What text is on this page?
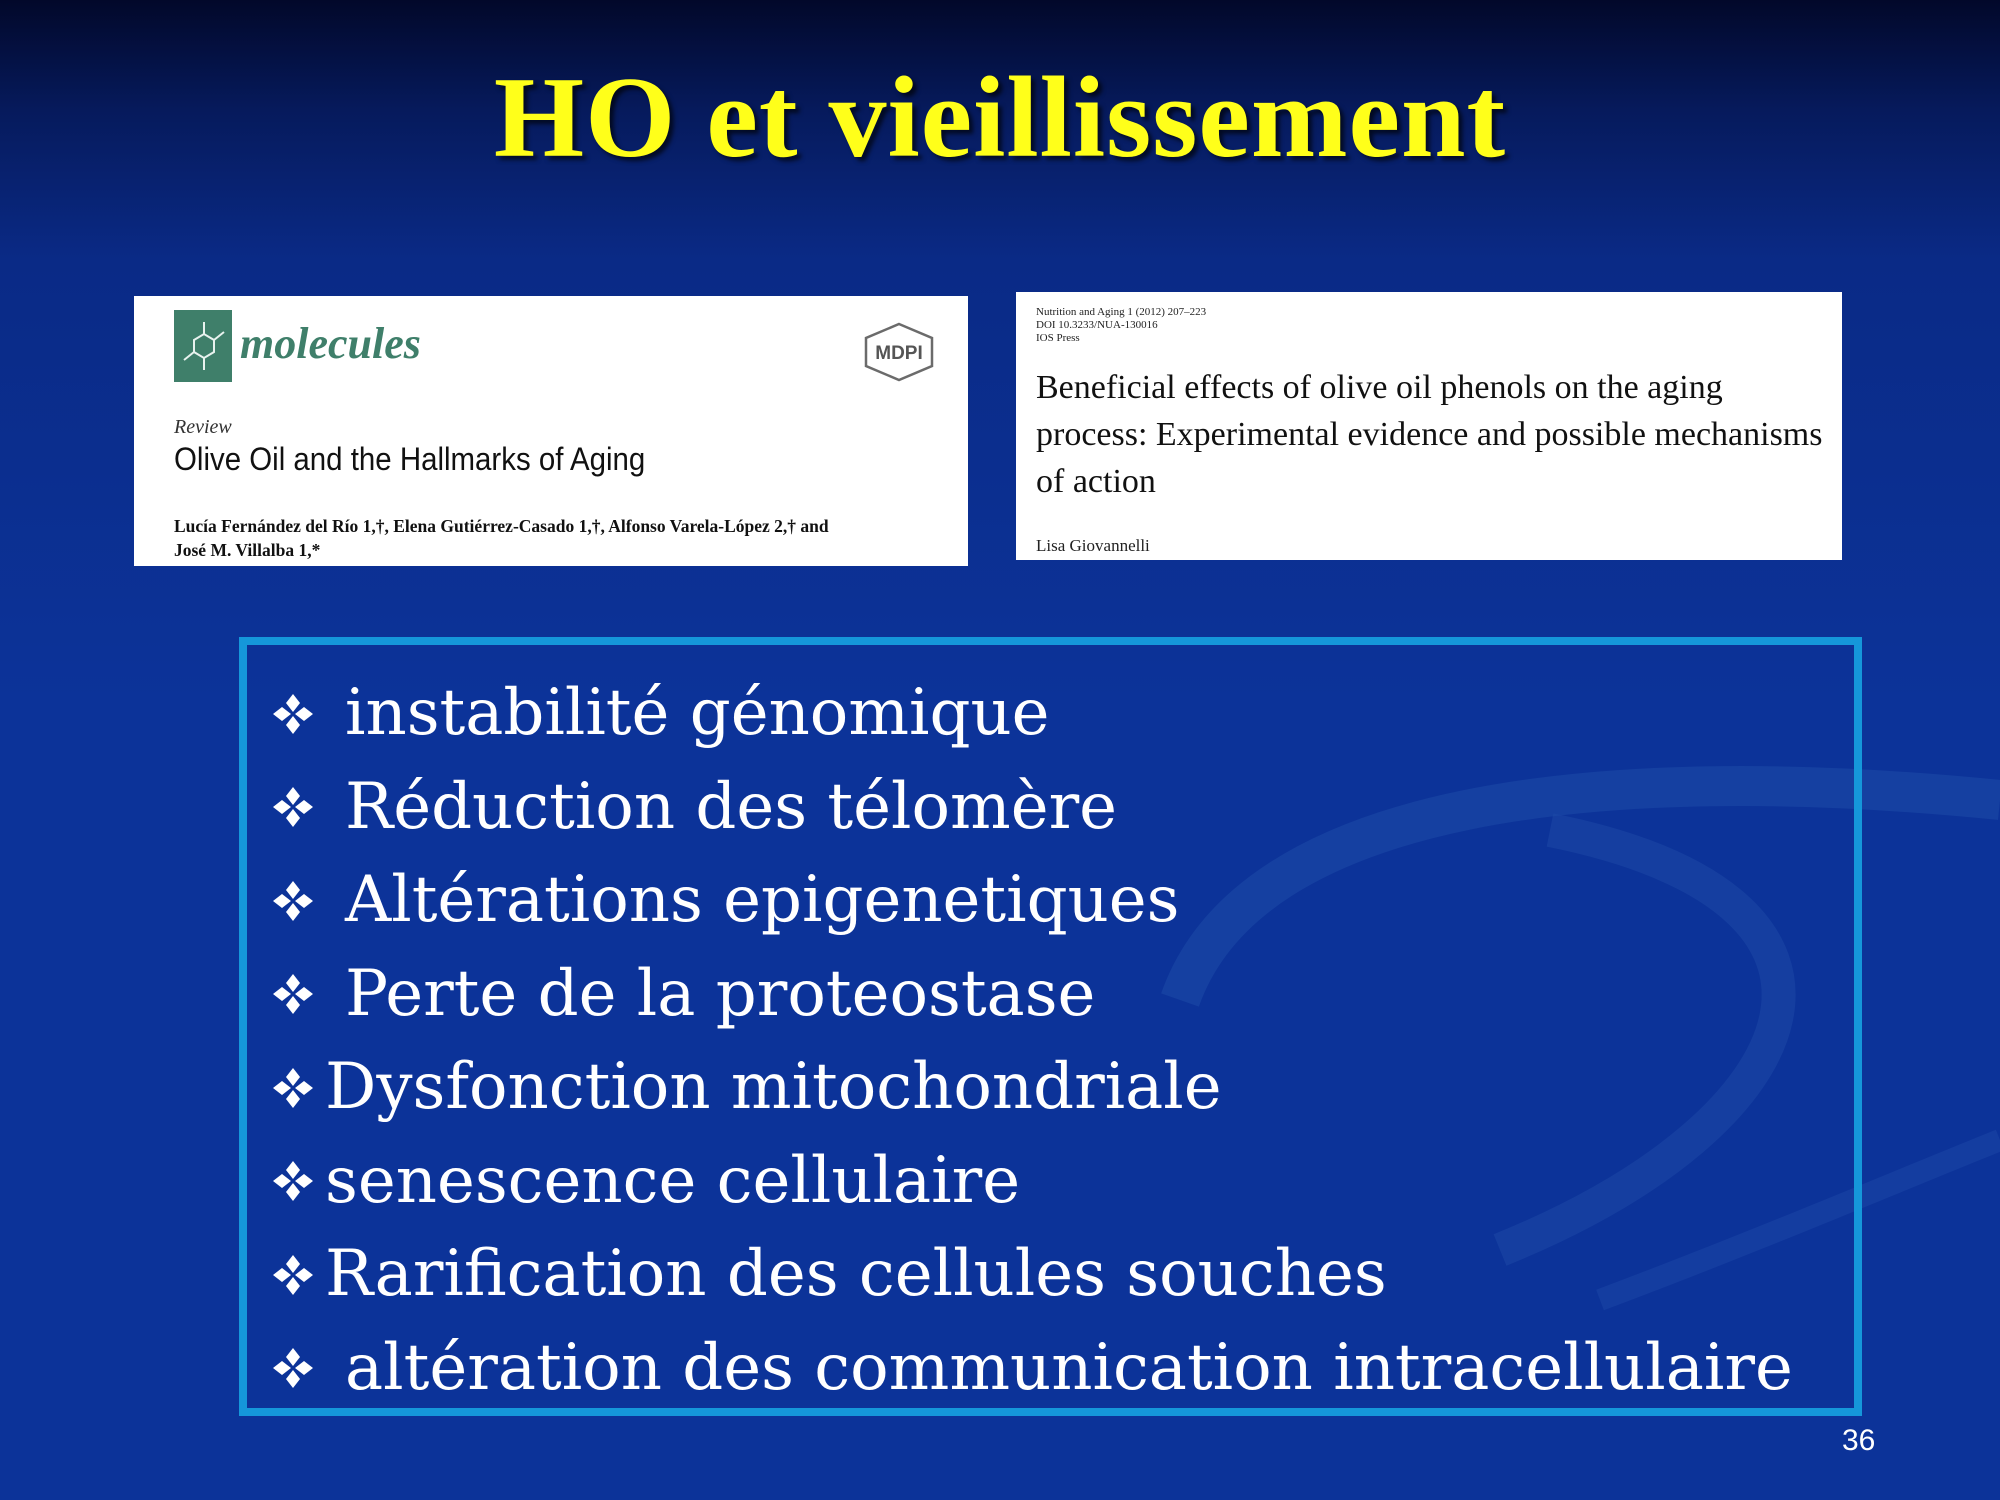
HO et vieillissement
molecules	MDPI
Review
Olive Oil and the Hallmarks of Aging
Lucía Fernández del Río 1,†, Elena Gutiérrez-Casado 1,†, Alfonso Varela-López 2,† and
José M. Villalba 1,*
Nutrition and Aging 1 (2012) 207–223
DOI 10.3233/NUA-130016
IOS Press
Beneficial effects of olive oil phenols on the aging process: Experimental evidence and possible mechanisms of action
Lisa Giovannelli
instabilité génomique
Réduction des télomère
Altérations epigenetiques
Perte de la proteostase
Dysfonction mitochondriale
senescence cellulaire
Rarification des cellules souches
altération des communication intracellulaire
36
